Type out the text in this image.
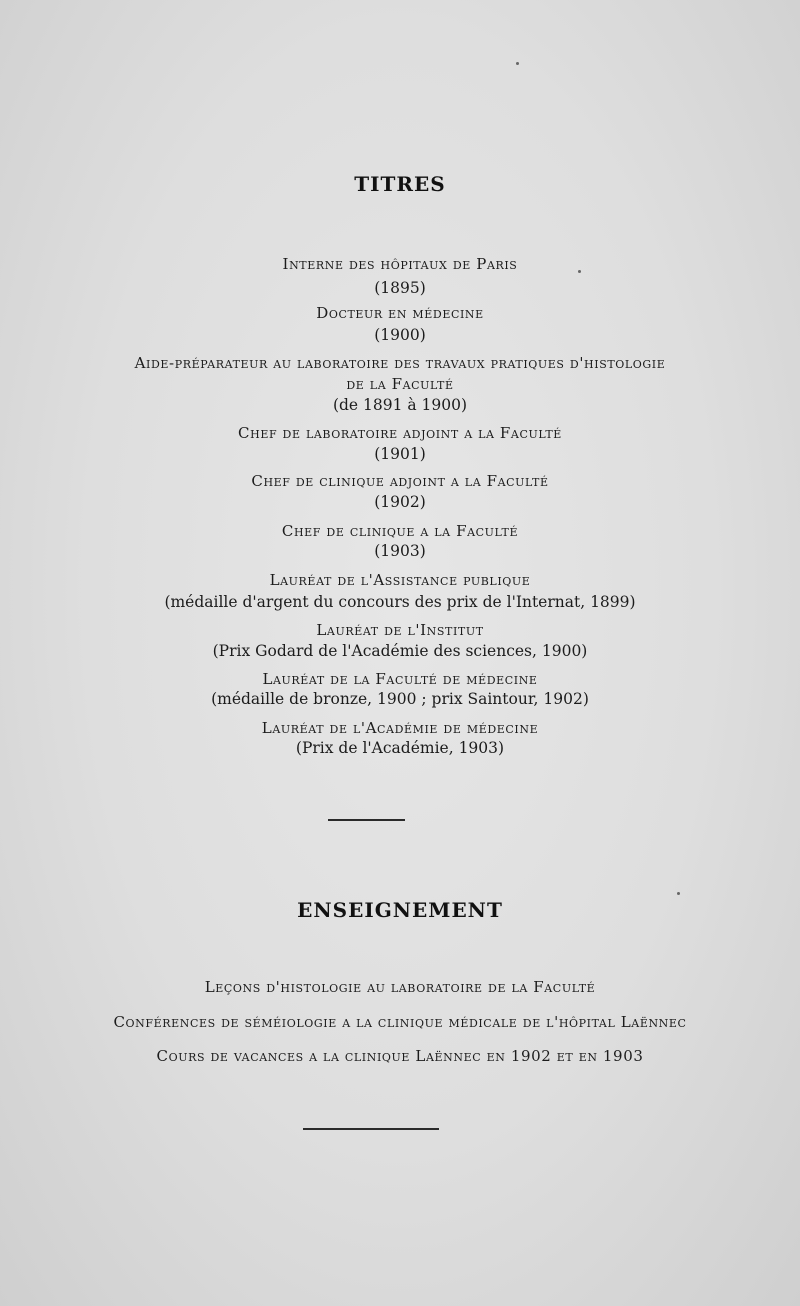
TITRES
Interne des hôpitaux de Paris
(1895)
Docteur en médecine
(1900)
Aide-préparateur au laboratoire des travaux pratiques d'histologie
de la Faculté
(de 1891 à 1900)
Chef de laboratoire adjoint a la Faculté
(1901)
Chef de clinique adjoint a la Faculté
(1902)
Chef de clinique a la Faculté
(1903)
Lauréat de l'Assistance publique
(médaille d'argent du concours des prix de l'Internat, 1899)
Lauréat de l'Institut
(Prix Godard de l'Académie des sciences, 1900)
Lauréat de la Faculté de médecine
(médaille de bronze, 1900 ; prix Saintour, 1902)
Lauréat de l'Académie de médecine
(Prix de l'Académie, 1903)
ENSEIGNEMENT
Leçons d'histologie au laboratoire de la Faculté
Conférences de séméiologie a la clinique médicale de l'hôpital Laënnec
Cours de vacances a la clinique Laënnec en 1902 et en 1903
